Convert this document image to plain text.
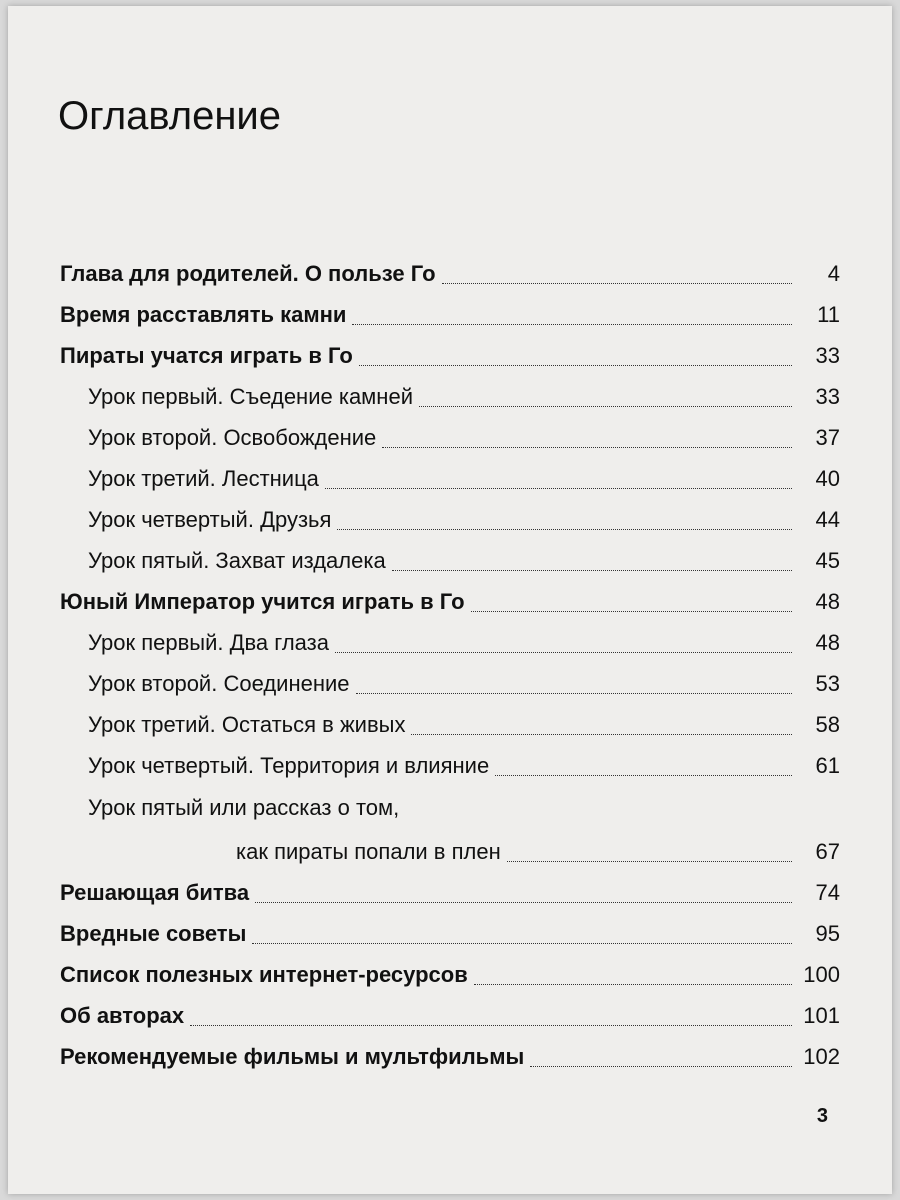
Оглавление
Глава для родителей. О пользе Го	4
Время расставлять камни	11
Пираты учатся играть в Го	33
Урок первый. Съедение камней	33
Урок второй. Освобождение	37
Урок третий. Лестница	40
Урок четвертый. Друзья	44
Урок пятый. Захват издалека	45
Юный Император учится играть в Го	48
Урок первый. Два глаза	48
Урок второй. Соединение	53
Урок третий. Остаться в живых	58
Урок четвертый. Территория и влияние	61
Урок пятый или рассказ о том,
как пираты попали в плен	67
Решающая битва	74
Вредные советы	95
Список полезных интернет-ресурсов	100
Об авторах	101
Рекомендуемые фильмы и мультфильмы	102
3
